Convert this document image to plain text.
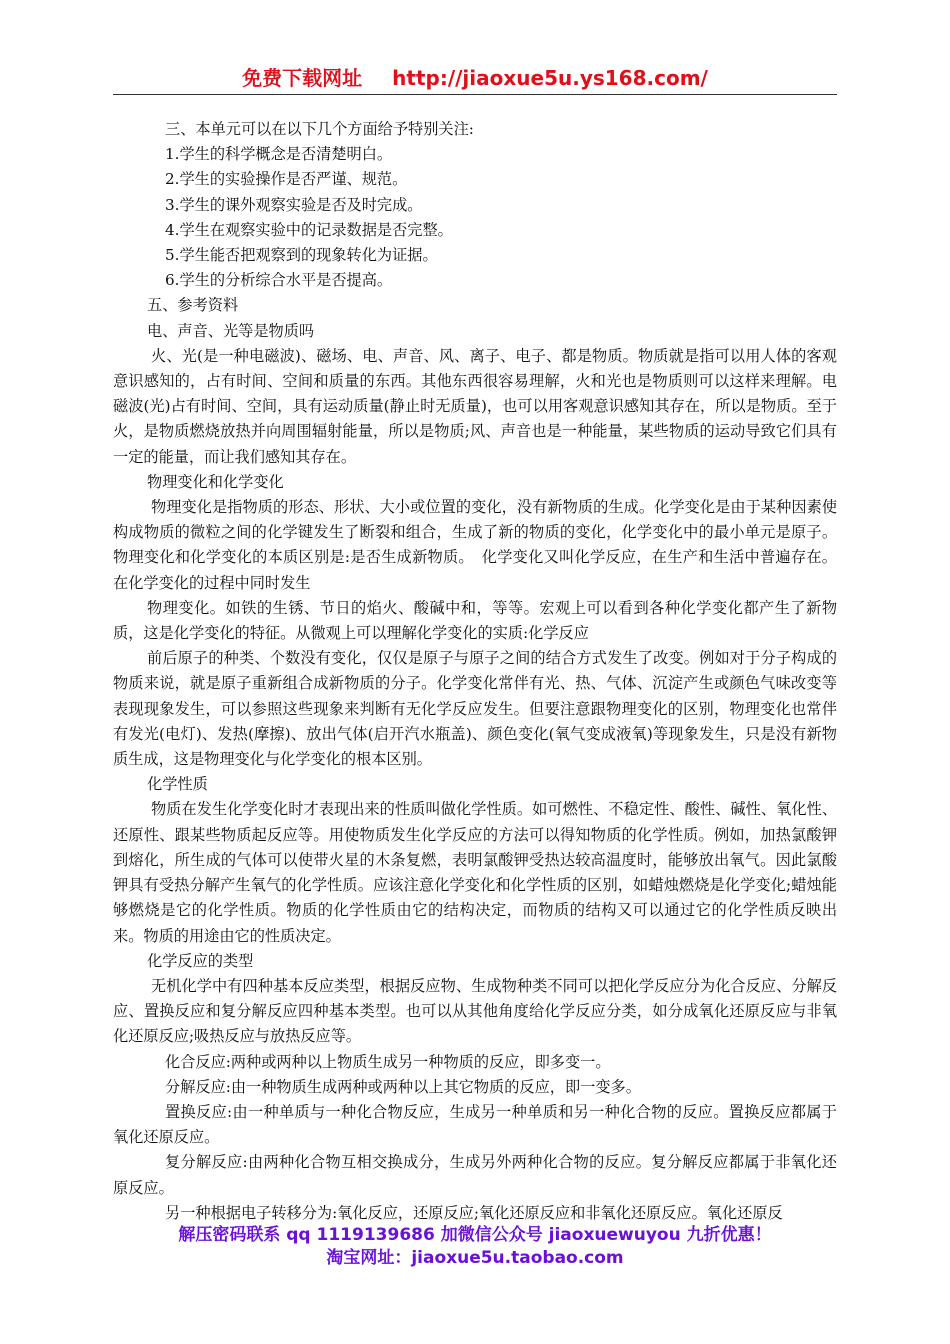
免费下载网址 http://jiaoxue5u.ys168.com/

三、本单元可以在以下几个方面给予特别关注:

1.学生的科学概念是否清楚明白。

2.学生的实验操作是否严谨、规范。

3.学生的课外观察实验是否及时完成。

4.学生在观察实验中的记录数据是否完整。

5.学生能否把观察到的现象转化为证据。

6.学生的分析综合水平是否提高。

五、参考资料

电、声音、光等是物质吗

火、光(是一种电磁波)、磁场、电、声音、风、离子、电子、都是物质。物质就是指可以用人体的客观意识感知的，占有时间、空间和质量的东西。其他东西很容易理解，火和光也是物质则可以这样来理解。电磁波(光)占有时间、空间，具有运动质量(静止时无质量)，也可以用客观意识感知其存在，所以是物质。至于火，是物质燃烧放热并向周围辐射能量，所以是物质;风、声音也是一种能量，某些物质的运动导致它们具有一定的能量，而让我们感知其存在。

物理变化和化学变化

物理变化是指物质的形态、形状、大小或位置的变化，没有新物质的生成。化学变化是由于某种因素使构成物质的微粒之间的化学键发生了断裂和组合，生成了新的物质的变化，化学变化中的最小单元是原子。物理变化和化学变化的本质区别是:是否生成新物质。　化学变化又叫化学反应，在生产和生活中普遍存在。在化学变化的过程中同时发生

物理变化。如铁的生锈、节日的焰火、酸碱中和，等等。宏观上可以看到各种化学变化都产生了新物质，这是化学变化的特征。从微观上可以理解化学变化的实质:化学反应

前后原子的种类、个数没有变化，仅仅是原子与原子之间的结合方式发生了改变。例如对于分子构成的物质来说，就是原子重新组合成新物质的分子。化学变化常伴有光、热、气体、沉淀产生或颜色气味改变等表现现象发生，可以参照这些现象来判断有无化学反应发生。但要注意跟物理变化的区别，物理变化也常伴有发光(电灯)、发热(摩擦)、放出气体(启开汽水瓶盖)、颜色变化(氧气变成液氧)等现象发生，只是没有新物质生成，这是物理变化与化学变化的根本区别。

化学性质

物质在发生化学变化时才表现出来的性质叫做化学性质。如可燃性、不稳定性、酸性、碱性、氧化性、还原性、跟某些物质起反应等。用使物质发生化学反应的方法可以得知物质的化学性质。例如，加热氯酸钾到熔化，所生成的气体可以使带火星的木条复燃，表明氯酸钾受热达较高温度时，能够放出氧气。因此氯酸钾具有受热分解产生氧气的化学性质。应该注意化学变化和化学性质的区别，如蜡烛燃烧是化学变化;蜡烛能够燃烧是它的化学性质。物质的化学性质由它的结构决定，而物质的结构又可以通过它的化学性质反映出来。物质的用途由它的性质决定。

化学反应的类型

无机化学中有四种基本反应类型，根据反应物、生成物种类不同可以把化学反应分为化合反应、分解反应、置换反应和复分解反应四种基本类型。也可以从其他角度给化学反应分类，如分成氧化还原反应与非氧化还原反应;吸热反应与放热反应等。

化合反应:两种或两种以上物质生成另一种物质的反应，即多变一。

分解反应:由一种物质生成两种或两种以上其它物质的反应，即一变多。

置换反应:由一种单质与一种化合物反应，生成另一种单质和另一种化合物的反应。置换反应都属于氧化还原反应。

复分解反应:由两种化合物互相交换成分，生成另外两种化合物的反应。复分解反应都属于非氧化还原反应。

另一种根据电子转移分为:氧化反应，还原反应;氧化还原反应和非氧化还原反应。氧化还原反

解压密码联系 qq 1119139686 加微信公众号 jiaoxuewuyou 九折优惠！
淘宝网址：jiaoxue5u.taobao.com
